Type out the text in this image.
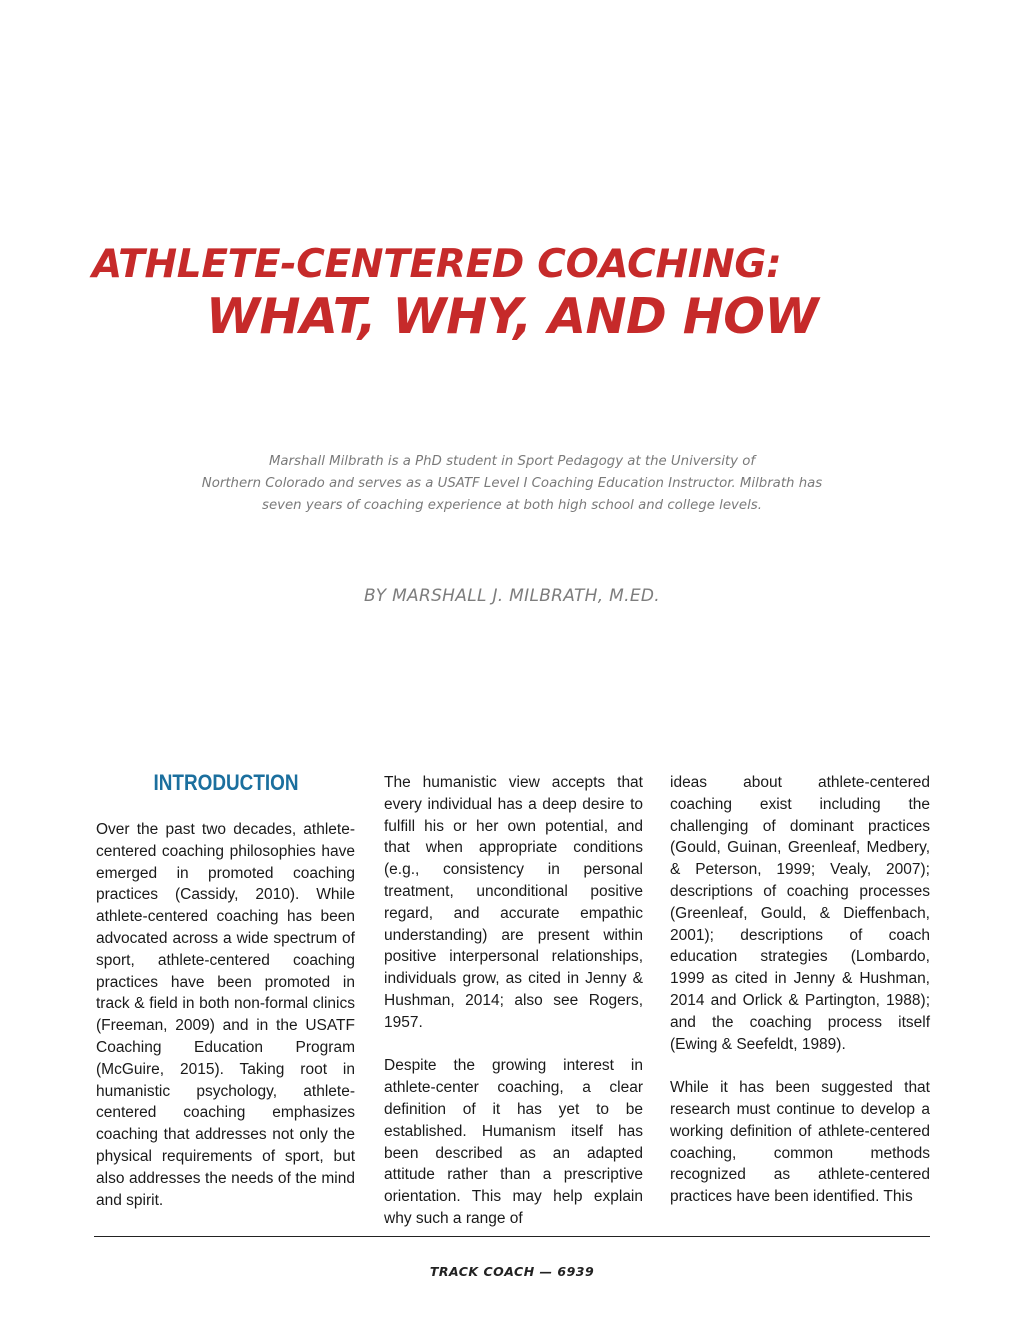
ATHLETE-CENTERED COACHING:
WHAT, WHY, AND HOW
Marshall Milbrath is a PhD student in Sport Pedagogy at the University of
Northern Colorado and serves as a USATF Level I Coaching Education Instructor. Milbrath has
seven years of coaching experience at both high school and college levels.
BY MARSHALL J. MILBRATH, M.ED.
INTRODUCTION

Over the past two decades, athlete-centered coaching philosophies have emerged in promoted coaching practices (Cassidy, 2010). While athlete-centered coaching has been advocated across a wide spectrum of sport, athlete-centered coaching practices have been promoted in track & field in both non-formal clinics (Freeman, 2009) and in the USATF Coaching Education Program (McGuire, 2015). Taking root in humanistic psychology, athlete-centered coaching emphasizes coaching that addresses not only the physical requirements of sport, but also addresses the needs of the mind and spirit.

The humanistic view accepts that every individual has a deep desire to fulfill his or her own potential, and that when appropriate conditions (e.g., consistency in personal treatment, unconditional positive regard, and accurate empathic understanding) are present within positive interpersonal relationships, individuals grow, as cited in Jenny & Hushman, 2014; also see Rogers, 1957.

Despite the growing interest in athlete-center coaching, a clear definition of it has yet to be established. Humanism itself has been described as an adapted attitude rather than a prescriptive orientation. This may help explain why such a range of

ideas about athlete-centered coaching exist including the challenging of dominant practices (Gould, Guinan, Greenleaf, Medbery, & Peterson, 1999; Vealy, 2007); descriptions of coaching processes (Greenleaf, Gould, & Dieffenbach, 2001); descriptions of coach education strategies (Lombardo, 1999 as cited in Jenny & Hushman, 2014 and Orlick & Partington, 1988); and the coaching process itself (Ewing & Seefeldt, 1989).

While it has been suggested that research must continue to develop a working definition of athlete-centered coaching, common methods recognized as athlete-centered practices have been identified. This

TRACK COACH — 6939
